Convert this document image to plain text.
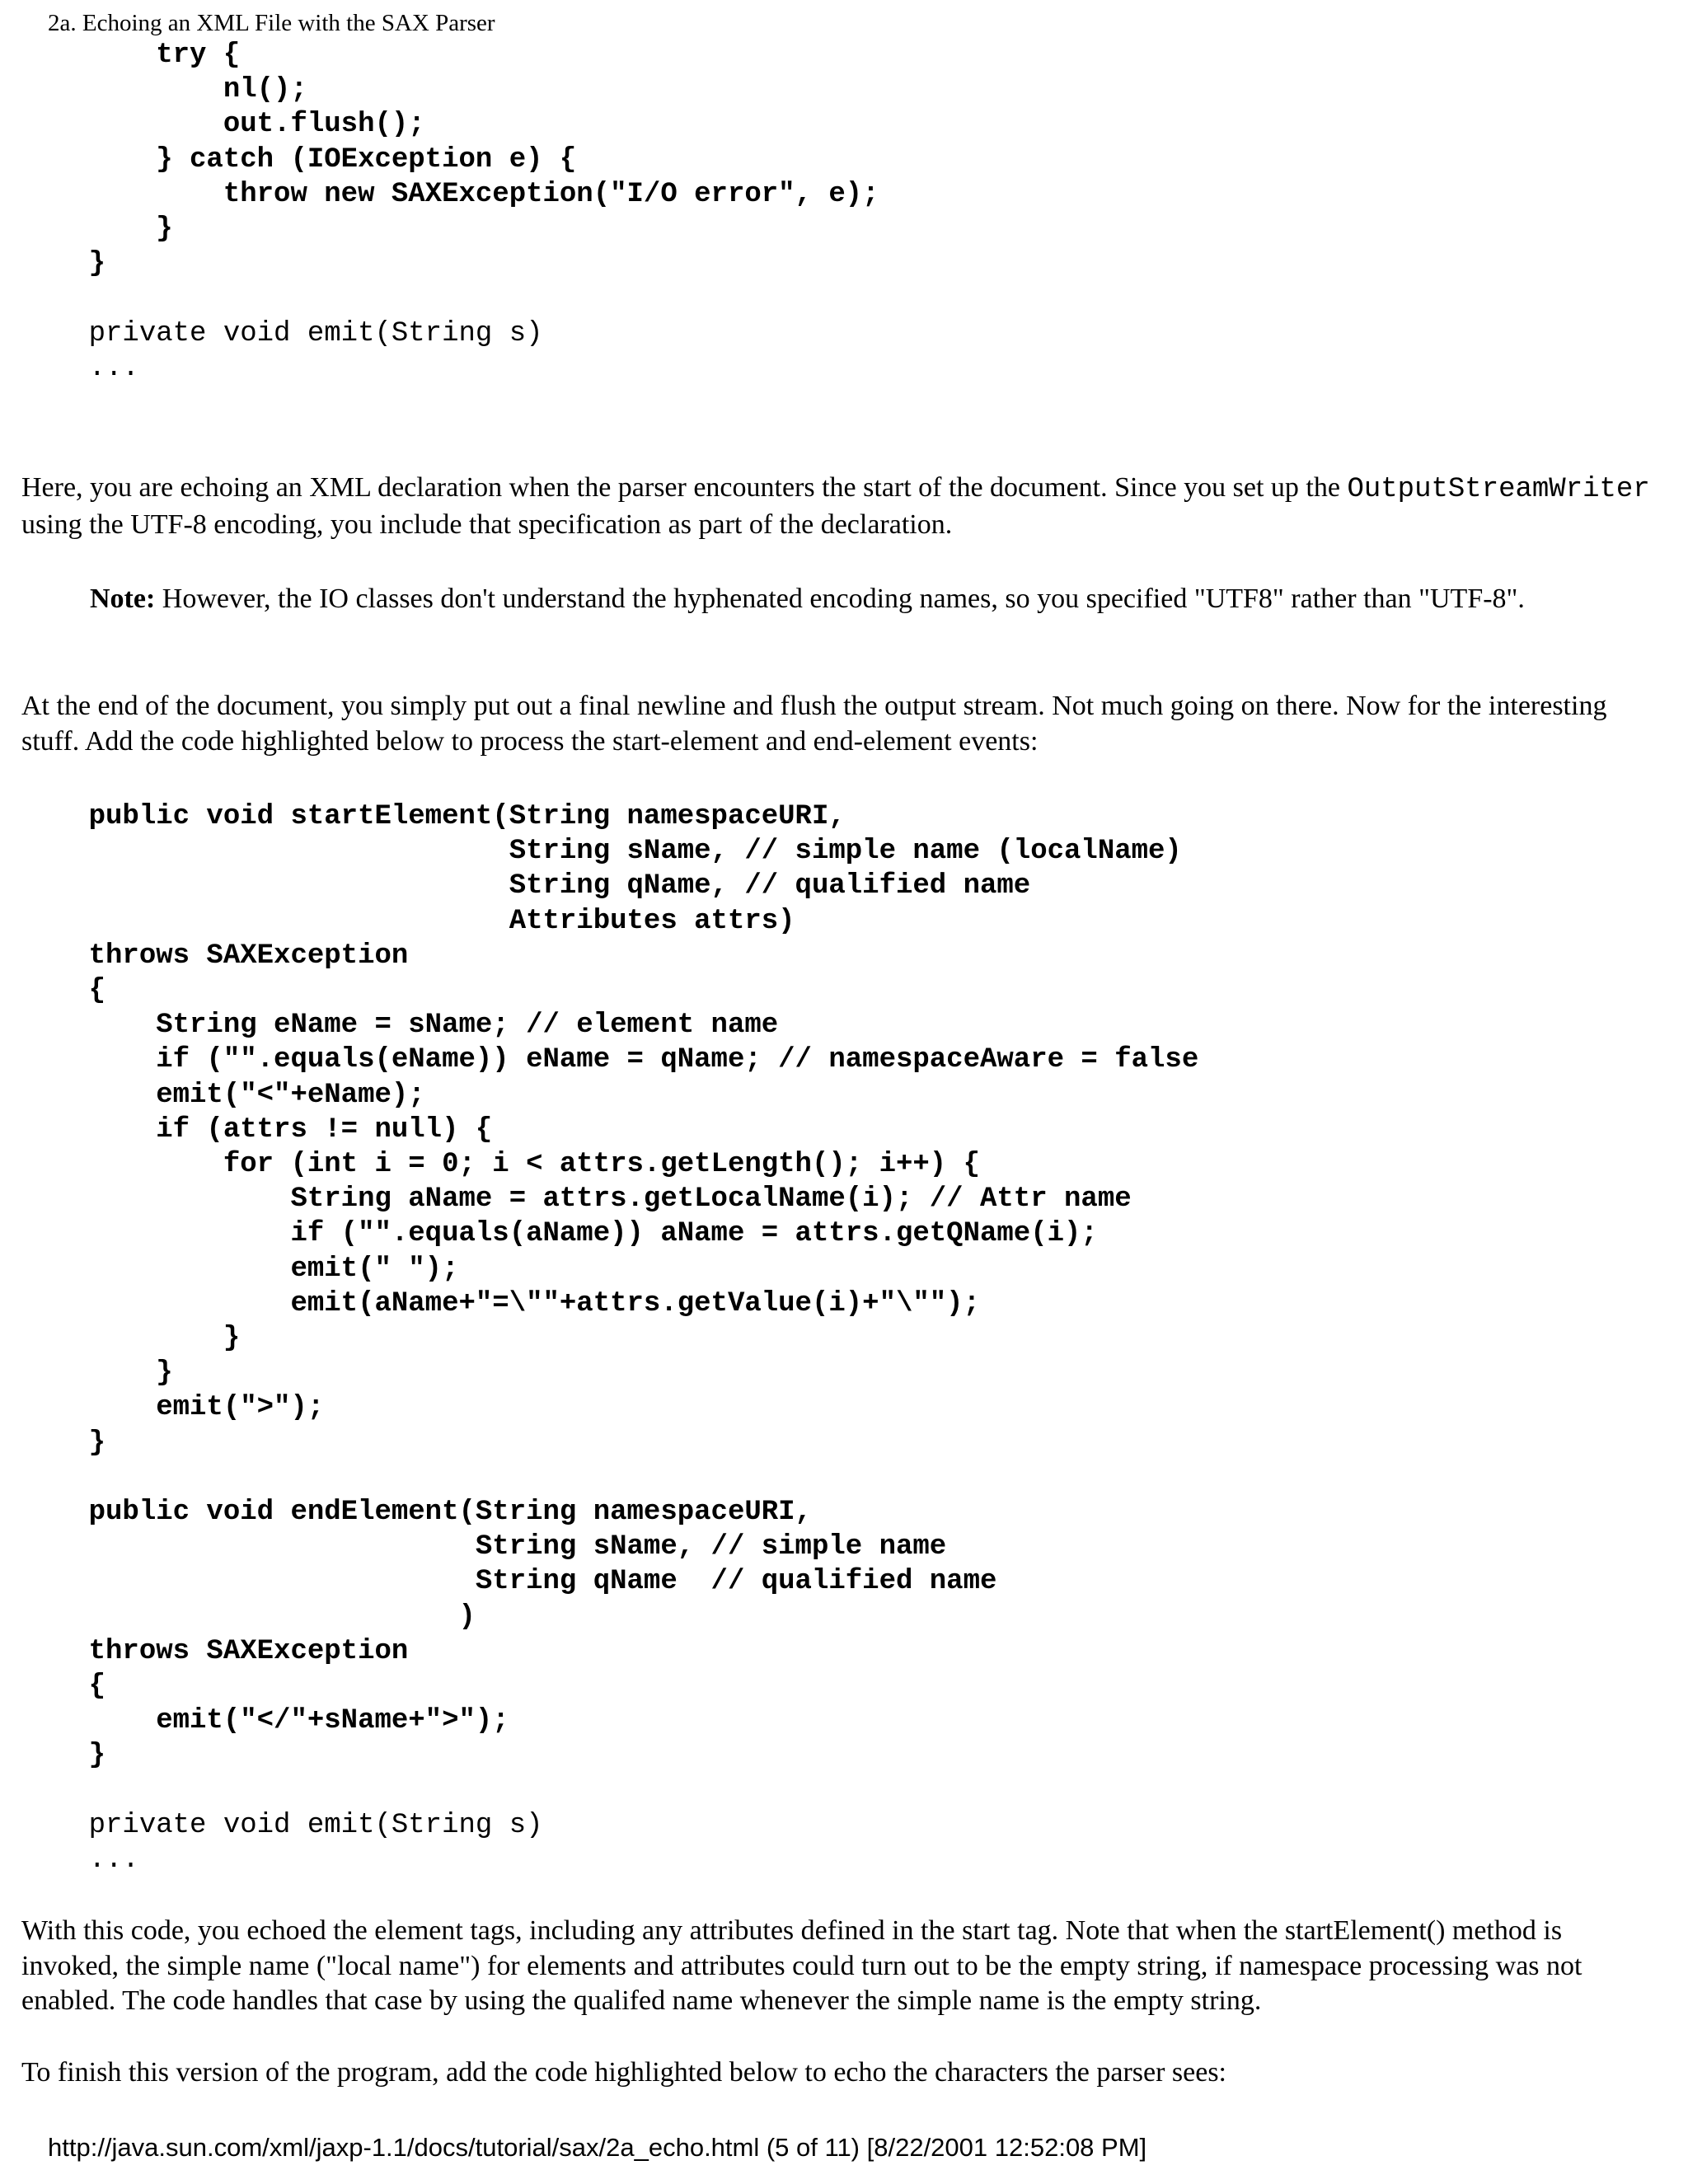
2a. Echoing an XML File with the SAX Parser
try {
nl();
out.flush();
} catch (IOException e) {
throw new SAXException("I/O error", e);
}
}

private void emit(String s)
...

Here, you are echoing an XML declaration when the parser encounters the start of the document. Since you set up the OutputStreamWriter using the UTF-8 encoding, you include that specification as part of the declaration.

Note: However, the IO classes don't understand the hyphenated encoding names, so you specified "UTF8" rather than "UTF-8".

At the end of the document, you simply put out a final newline and flush the output stream. Not much going on there. Now for the interesting stuff. Add the code highlighted below to process the start-element and end-element events:

public void startElement(String namespaceURI,
String sName, // simple name (localName)
String qName, // qualified name
Attributes attrs)
throws SAXException
{
String eName = sName; // element name
if ("".equals(eName)) eName = qName; // namespaceAware = false
emit("<"+eName);
if (attrs != null) {
for (int i = 0; i < attrs.getLength(); i++) {
String aName = attrs.getLocalName(i); // Attr name
if ("".equals(aName)) aName = attrs.getQName(i);
emit(" ");
emit(aName+"=\""+attrs.getValue(i)+"\"");
}
}
emit(">");
}

public void endElement(String namespaceURI,
String sName, // simple name
String qName  // qualified name
)
throws SAXException
{
emit("</"+sName+">");
}

private void emit(String s)
...

With this code, you echoed the element tags, including any attributes defined in the start tag. Note that when the startElement() method is invoked, the simple name ("local name") for elements and attributes could turn out to be the empty string, if namespace processing was not enabled. The code handles that case by using the qualifed name whenever the simple name is the empty string.

To finish this version of the program, add the code highlighted below to echo the characters the parser sees:

http://java.sun.com/xml/jaxp-1.1/docs/tutorial/sax/2a_echo.html (5 of 11) [8/22/2001 12:52:08 PM]
